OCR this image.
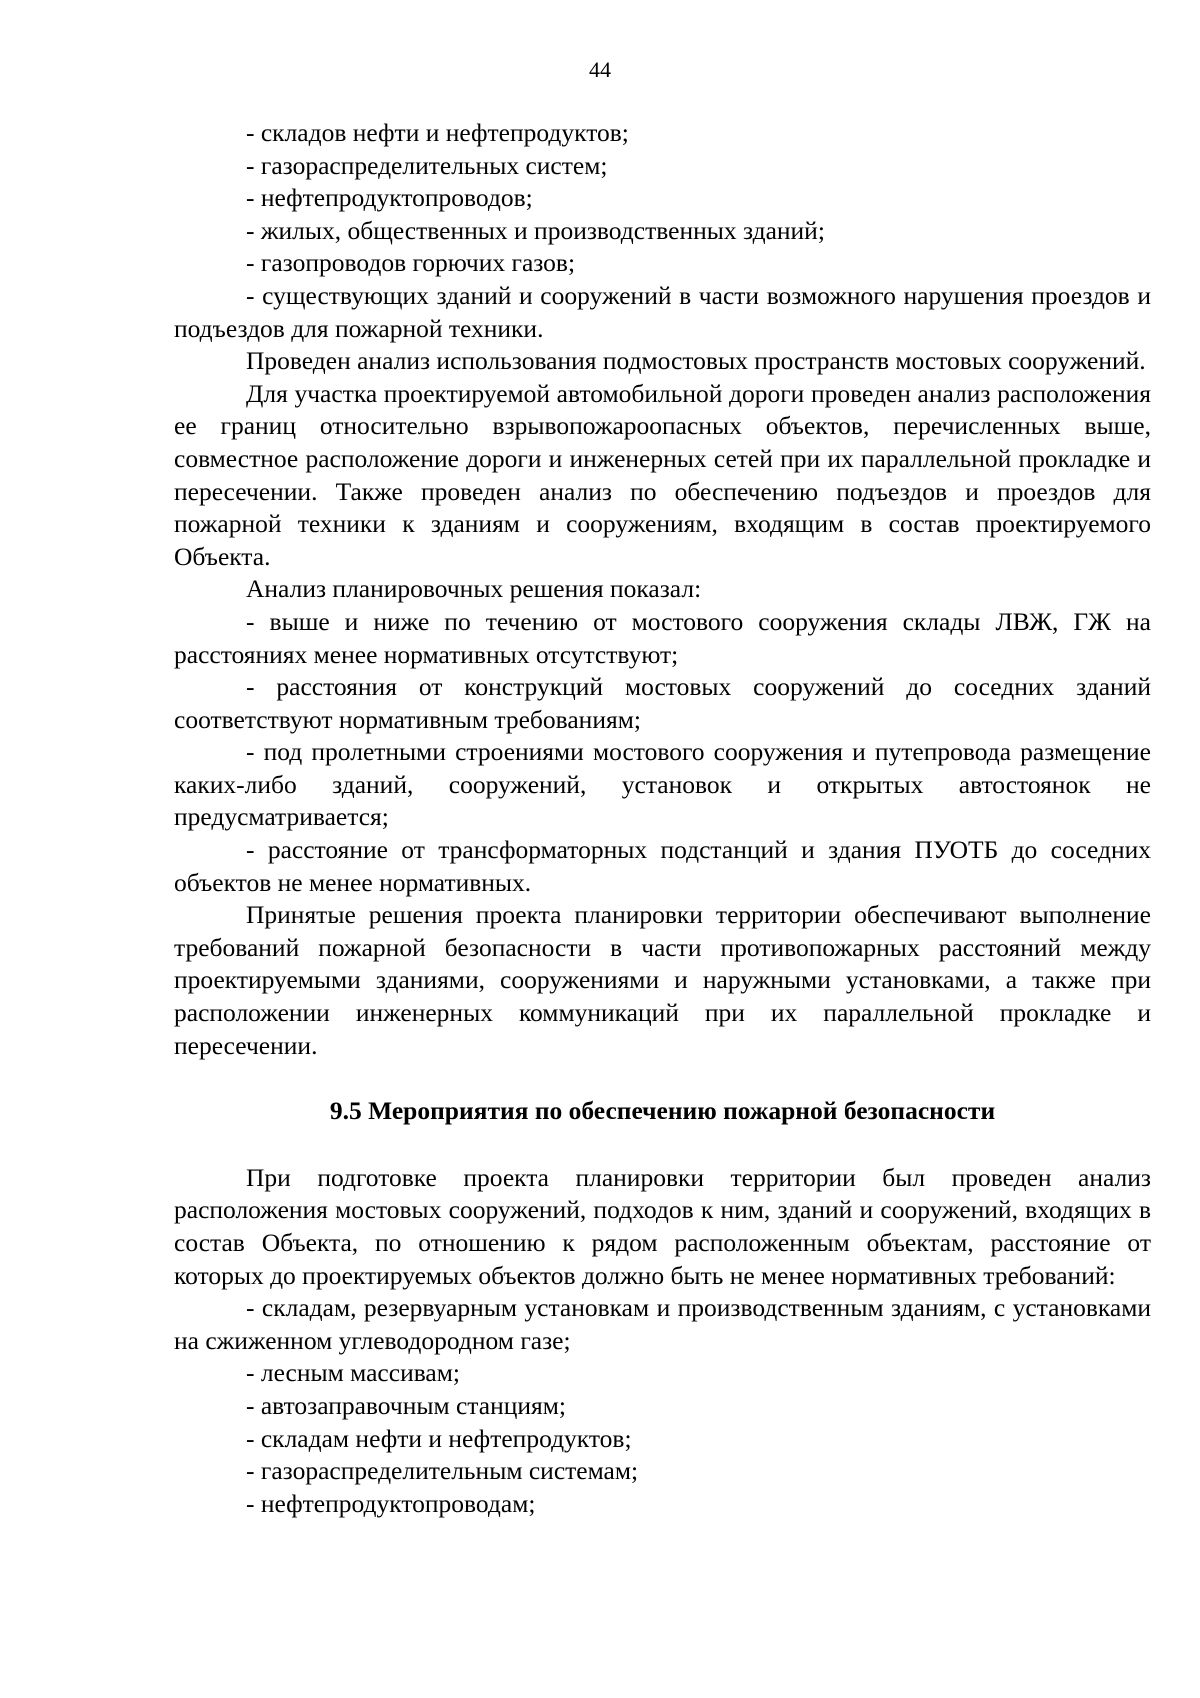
44

- складов нефти и нефтепродуктов;

- газораспределительных систем;

- нефтепродуктопроводов;

- жилых, общественных и производственных зданий;

- газопроводов горючих газов;

- существующих зданий и сооружений в части возможного нарушения проездов и подъездов для пожарной техники.

Проведен анализ использования подмостовых пространств мостовых сооружений.

Для участка проектируемой автомобильной дороги проведен анализ расположения ее границ относительно взрывопожароопасных объектов, перечисленных выше, совместное расположение дороги и инженерных сетей при их параллельной прокладке и пересечении. Также проведен анализ по обеспечению подъездов и проездов для пожарной техники к зданиям и сооружениям, входящим в состав проектируемого Объекта.

Анализ планировочных решения показал:

- выше и ниже по течению от мостового сооружения склады ЛВЖ, ГЖ на расстояниях менее нормативных отсутствуют;

- расстояния от конструкций мостовых сооружений до соседних зданий соответствуют нормативным требованиям;

- под пролетными строениями мостового сооружения и путепровода размещение каких-либо зданий, сооружений, установок и открытых автостоянок не предусматривается;

- расстояние от трансформаторных подстанций и здания ПУОТБ до соседних объектов не менее нормативных.

Принятые решения проекта планировки территории обеспечивают выполнение требований пожарной безопасности в части противопожарных расстояний между проектируемыми зданиями, сооружениями и наружными установками, а также при расположении инженерных коммуникаций при их параллельной прокладке и пересечении.

9.5 Мероприятия по обеспечению пожарной безопасности

При подготовке проекта планировки территории был проведен анализ расположения мостовых сооружений, подходов к ним, зданий и сооружений, входящих в состав Объекта, по отношению к рядом расположенным объектам, расстояние от которых до проектируемых объектов должно быть не менее нормативных требований:

- складам, резервуарным установкам и производственным зданиям, с установками на сжиженном углеводородном газе;

- лесным массивам;

- автозаправочным станциям;

- складам нефти и нефтепродуктов;

- газораспределительным системам;

- нефтепродуктопроводам;
